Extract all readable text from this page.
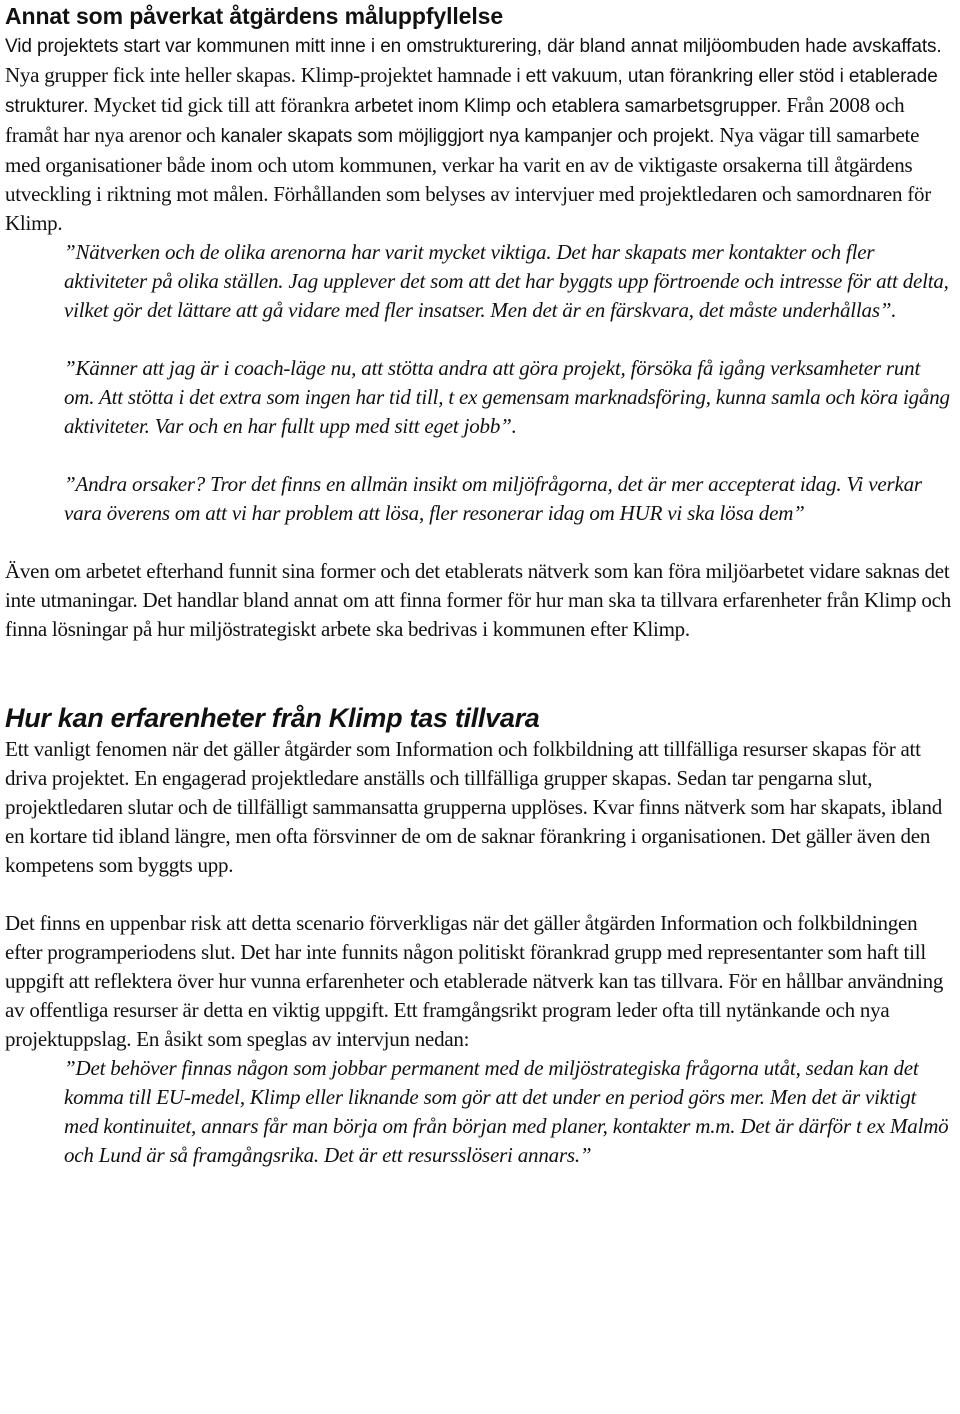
Annat som påverkat åtgärdens måluppfyllelse

Vid projektets start var kommunen mitt inne i en omstrukturering, där bland annat miljöombuden hade avskaffats. Nya grupper fick inte heller skapas. Klimp-projektet hamnade i ett vakuum, utan förankring eller stöd i etablerade strukturer. Mycket tid gick till att förankra arbetet inom Klimp och etablera samarbetsgrupper. Från 2008 och framåt har nya arenor och kanaler skapats som möjliggjort nya kampanjer och projekt. Nya vägar till samarbete med organisationer både inom och utom kommunen, verkar ha varit en av de viktigaste orsakerna till åtgärdens utveckling i riktning mot målen. Förhållanden som belyses av intervjuer med projektledaren och samordnaren för Klimp.

”Nätverken och de olika arenorna har varit mycket viktiga. Det har skapats mer kontakter och fler aktiviteter på olika ställen. Jag upplever det som att det har byggts upp förtroende och intresse för att delta, vilket gör det lättare att gå vidare med fler insatser. Men det är en färskvara, det måste underhållas”.

”Känner att jag är i coach-läge nu, att stötta andra att göra projekt, försöka få igång verksamheter runt om. Att stötta i det extra som ingen har tid till, t ex gemensam marknadsföring, kunna samla och köra igång aktiviteter. Var och en har fullt upp med sitt eget jobb”.

”Andra orsaker? Tror det finns en allmän insikt om miljöfrågorna, det är mer accepterat idag. Vi verkar vara överens om att vi har problem att lösa, fler resonerar idag om HUR vi ska lösa dem”

Även om arbetet efterhand funnit sina former och det etablerats nätverk som kan föra miljöarbetet vidare saknas det inte utmaningar. Det handlar bland annat om att finna former för hur man ska ta tillvara erfarenheter från Klimp och finna lösningar på hur miljöstrategiskt arbete ska bedrivas i kommunen efter Klimp.

Hur kan erfarenheter från Klimp tas tillvara

Ett vanligt fenomen när det gäller åtgärder som Information och folkbildning att tillfälliga resurser skapas för att driva projektet. En engagerad projektledare anställs och tillfälliga grupper skapas. Sedan tar pengarna slut, projektledaren slutar och de tillfälligt sammansatta grupperna upplöses. Kvar finns nätverk som har skapats, ibland en kortare tid ibland längre, men ofta försvinner de om de saknar förankring i organisationen. Det gäller även den kompetens som byggts upp.

Det finns en uppenbar risk att detta scenario förverkligas när det gäller åtgärden Information och folkbildningen efter programperiodens slut. Det har inte funnits någon politiskt förankrad grupp med representanter som haft till uppgift att reflektera över hur vunna erfarenheter och etablerade nätverk kan tas tillvara. För en hållbar användning av offentliga resurser är detta en viktig uppgift. Ett framgångsrikt program leder ofta till nytänkande och nya projektuppslag. En åsikt som speglas av intervjun nedan:

”Det behöver finnas någon som jobbar permanent med de miljöstrategiska frågorna utåt, sedan kan det komma till EU-medel, Klimp eller liknande som gör att det under en period görs mer. Men det är viktigt med kontinuitet, annars får man börja om från början med planer, kontakter m.m. Det är därför t ex Malmö och Lund är så framgångsrika. Det är ett resursslöseri annars.”
